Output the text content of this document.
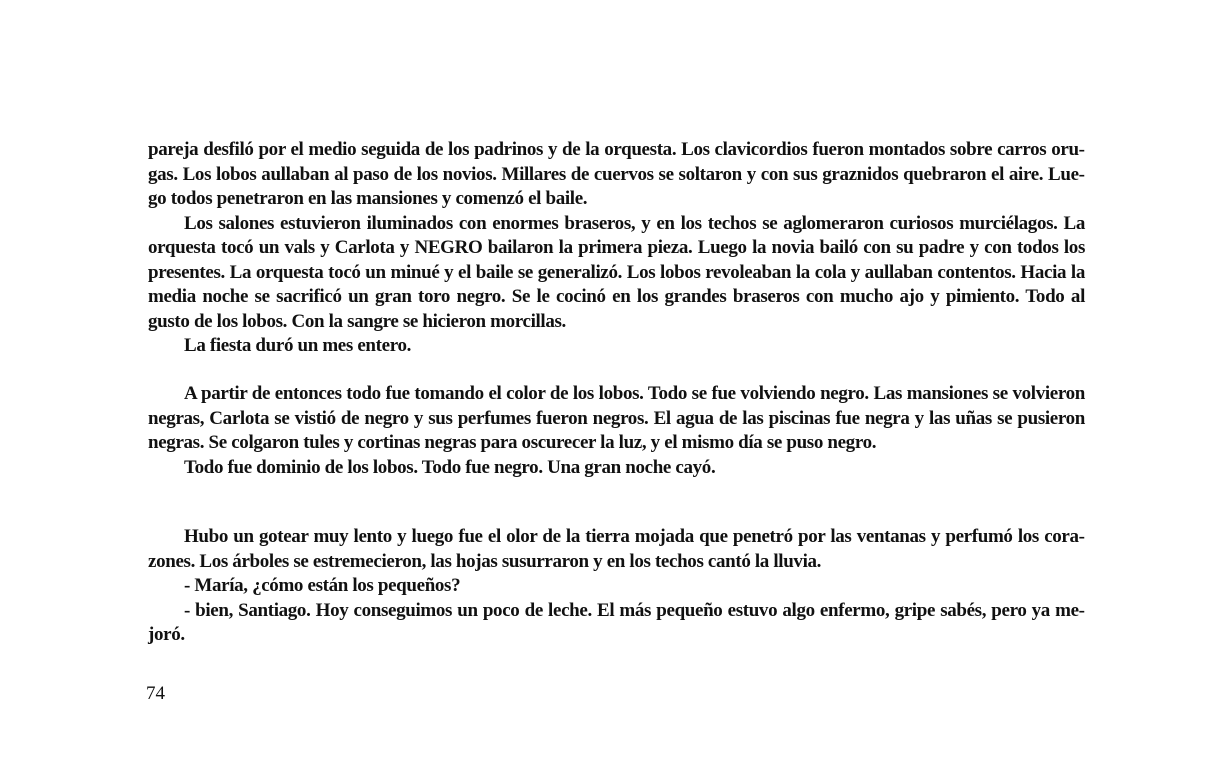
pareja desfiló por el medio seguida de los padrinos y de la orquesta. Los clavicordios fueron montados sobre carros orugas. Los lobos aullaban al paso de los novios. Millares de cuervos se soltaron y con sus graznidos quebraron el aire. Luego todos penetraron en las mansiones y comenzó el baile.

Los salones estuvieron iluminados con enormes braseros, y en los techos se aglomeraron curiosos murciélagos. La orquesta tocó un vals y Carlota y NEGRO bailaron la primera pieza. Luego la novia bailó con su padre y con todos los presentes. La orquesta tocó un minué y el baile se generalizó. Los lobos revoleaban la cola y aullaban contentos. Hacia la media noche se sacrificó un gran toro negro. Se le cocinó en los grandes braseros con mucho ajo y pimiento. Todo al gusto de los lobos. Con la sangre se hicieron morcillas.

La fiesta duró un mes entero.

A partir de entonces todo fue tomando el color de los lobos. Todo se fue volviendo negro. Las mansiones se volvieron negras, Carlota se vistió de negro y sus perfumes fueron negros. El agua de las piscinas fue negra y las uñas se pusieron negras. Se colgaron tules y cortinas negras para oscurecer la luz, y el mismo día se puso negro.

Todo fue dominio de los lobos. Todo fue negro. Una gran noche cayó.

Hubo un gotear muy lento y luego fue el olor de la tierra mojada que penetró por las ventanas y perfumó los corazones. Los árboles se estremecieron, las hojas susurraron y en los techos cantó la lluvia.

- María, ¿cómo están los pequeños?

- bien, Santiago. Hoy conseguimos un poco de leche. El más pequeño estuvo algo enfermo, gripe sabés, pero ya mejoró.

74
